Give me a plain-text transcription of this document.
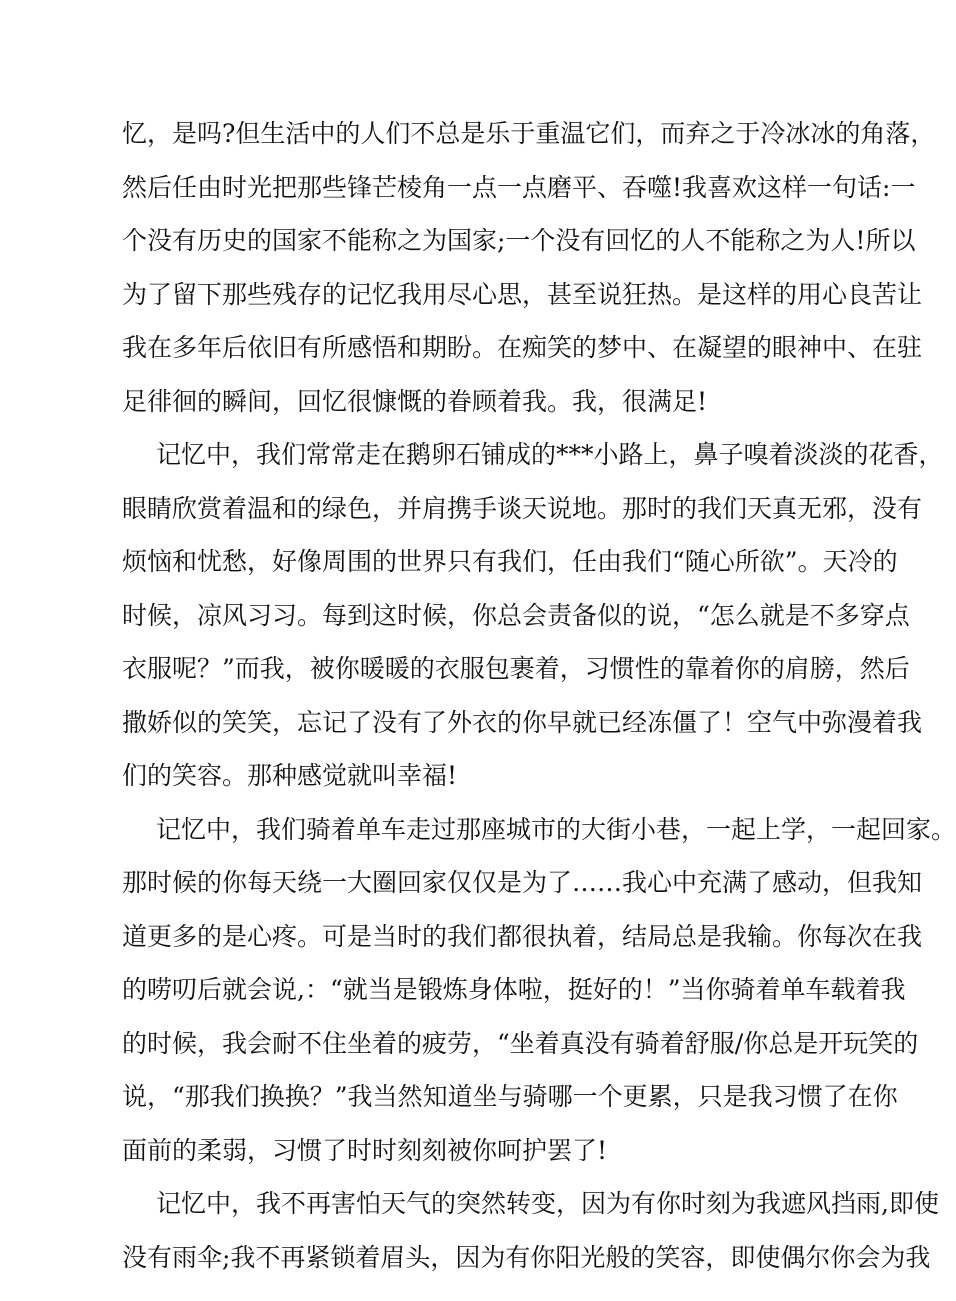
忆，是吗?但生活中的人们不总是乐于重温它们，而弃之于冷冰冰的角落，
然后任由时光把那些锋芒棱角一点一点磨平、吞噬!我喜欢这样一句话:一
个没有历史的国家不能称之为国家;一个没有回忆的人不能称之为人!所以
为了留下那些残存的记忆我用尽心思，甚至说狂热。是这样的用心良苦让
我在多年后依旧有所感悟和期盼。在痴笑的梦中、在凝望的眼神中、在驻
足徘徊的瞬间，回忆很慷慨的眷顾着我。我，很满足!
记忆中，我们常常走在鹅卵石铺成的***小路上，鼻子嗅着淡淡的花香，
眼睛欣赏着温和的绿色，并肩携手谈天说地。那时的我们天真无邪，没有
烦恼和忧愁，好像周围的世界只有我们，任由我们“随心所欲”。天冷的
时候，凉风习习。每到这时候，你总会责备似的说，“怎么就是不多穿点
衣服呢？”而我，被你暖暖的衣服包裹着，习惯性的靠着你的肩膀，然后
撒娇似的笑笑，忘记了没有了外衣的你早就已经冻僵了！空气中弥漫着我
们的笑容。那种感觉就叫幸福!
记忆中，我们骑着单车走过那座城市的大街小巷，一起上学，一起回家。
那时候的你每天绕一大圈回家仅仅是为了……我心中充满了感动，但我知
道更多的是心疼。可是当时的我们都很执着，结局总是我输。你每次在我
的唠叨后就会说,：“就当是锻炼身体啦，挺好的！”当你骑着单车载着我
的时候，我会耐不住坐着的疲劳，“坐着真没有骑着舒服/你总是开玩笑的
说，“那我们换换？”我当然知道坐与骑哪一个更累，只是我习惯了在你
面前的柔弱，习惯了时时刻刻被你呵护罢了!
记忆中，我不再害怕天气的突然转变，因为有你时刻为我遮风挡雨,即使
没有雨伞;我不再紧锁着眉头，因为有你阳光般的笑容，即使偶尔你会为我
